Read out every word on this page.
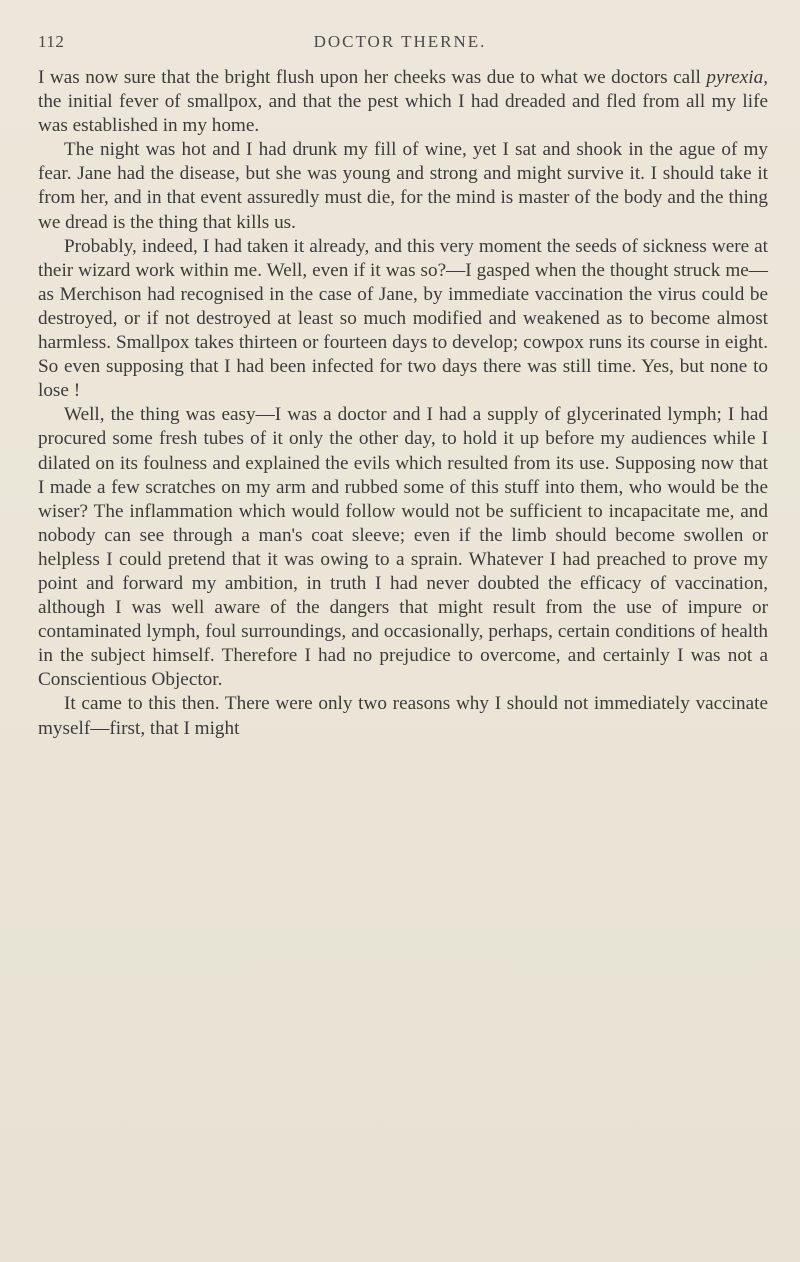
112	DOCTOR THERNE.

I was now sure that the bright flush upon her cheeks was due to what we doctors call pyrexia, the initial fever of smallpox, and that the pest which I had dreaded and fled from all my life was established in my home.

The night was hot and I had drunk my fill of wine, yet I sat and shook in the ague of my fear. Jane had the disease, but she was young and strong and might survive it. I should take it from her, and in that event assuredly must die, for the mind is master of the body and the thing we dread is the thing that kills us.

Probably, indeed, I had taken it already, and this very moment the seeds of sickness were at their wizard work within me. Well, even if it was so?—I gasped when the thought struck me—as Merchison had recognised in the case of Jane, by immediate vaccination the virus could be destroyed, or if not destroyed at least so much modified and weakened as to become almost harmless. Smallpox takes thirteen or fourteen days to develop; cowpox runs its course in eight. So even supposing that I had been infected for two days there was still time. Yes, but none to lose !

Well, the thing was easy—I was a doctor and I had a supply of glycerinated lymph; I had procured some fresh tubes of it only the other day, to hold it up before my audiences while I dilated on its foulness and explained the evils which resulted from its use. Supposing now that I made a few scratches on my arm and rubbed some of this stuff into them, who would be the wiser? The inflammation which would follow would not be sufficient to incapacitate me, and nobody can see through a man's coat sleeve; even if the limb should become swollen or helpless I could pretend that it was owing to a sprain. Whatever I had preached to prove my point and forward my ambition, in truth I had never doubted the efficacy of vaccination, although I was well aware of the dangers that might result from the use of impure or contaminated lymph, foul surroundings, and occasionally, perhaps, certain conditions of health in the subject himself. Therefore I had no prejudice to overcome, and certainly I was not a Conscientious Objector.

It came to this then. There were only two reasons why I should not immediately vaccinate myself—first, that I might
